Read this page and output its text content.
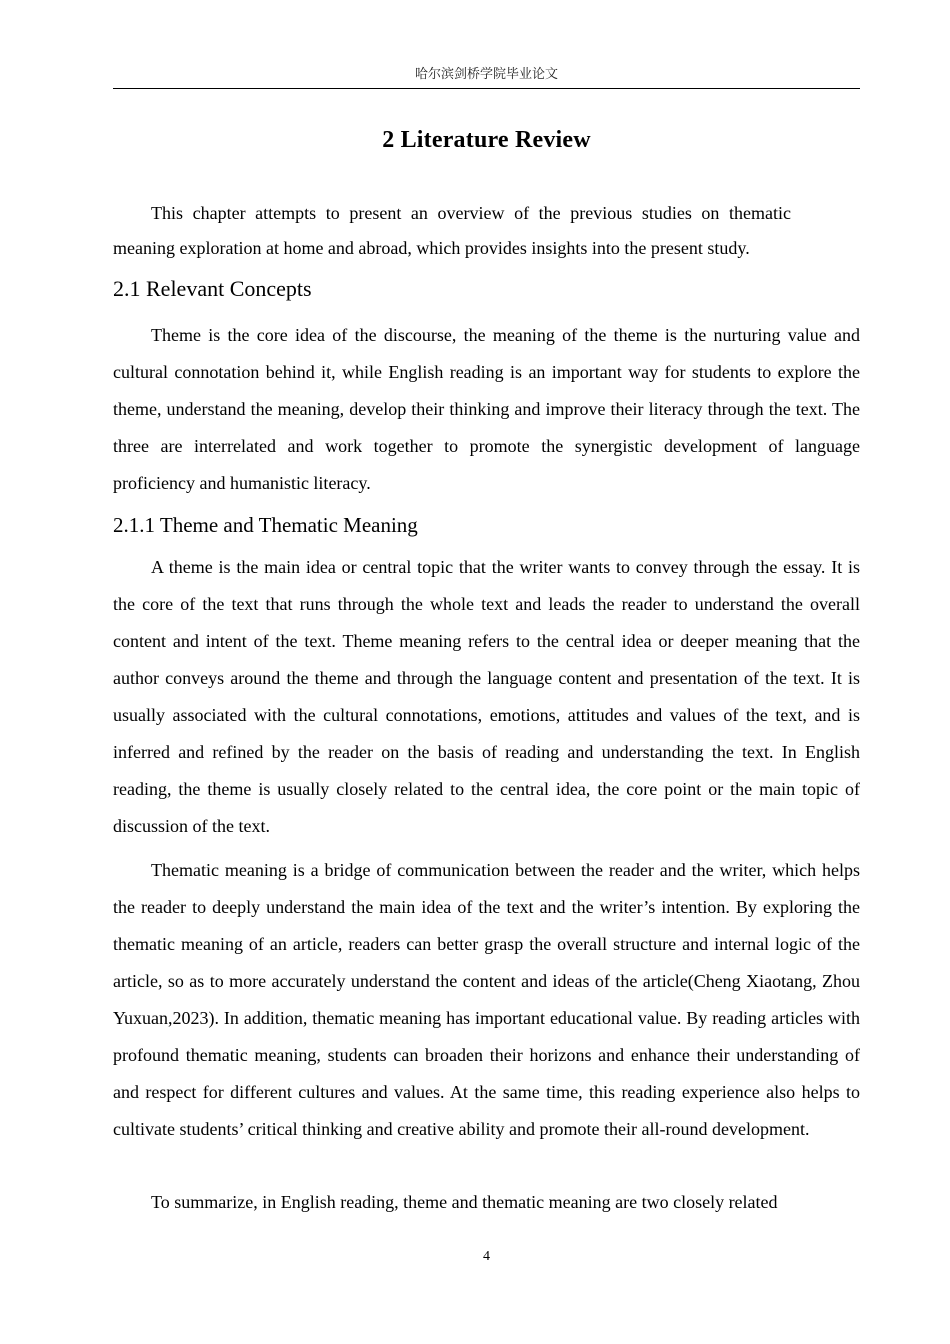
哈尔滨剑桥学院毕业论文
2 Literature Review

This chapter attempts to present an overview of the previous studies on thematic meaning exploration at home and abroad, which provides insights into the present study.

2.1 Relevant Concepts

Theme is the core idea of the discourse, the meaning of the theme is the nurturing value and cultural connotation behind it, while English reading is an important way for students to explore the theme, understand the meaning, develop their thinking and improve their literacy through the text. The three are interrelated and work together to promote the synergistic development of language proficiency and humanistic literacy.

2.1.1 Theme and Thematic Meaning

A theme is the main idea or central topic that the writer wants to convey through the essay. It is the core of the text that runs through the whole text and leads the reader to understand the overall content and intent of the text. Theme meaning refers to the central idea or deeper meaning that the author conveys around the theme and through the language content and presentation of the text. It is usually associated with the cultural connotations, emotions, attitudes and values of the text, and is inferred and refined by the reader on the basis of reading and understanding the text. In English reading, the theme is usually closely related to the central idea, the core point or the main topic of discussion of the text.

Thematic meaning is a bridge of communication between the reader and the writer, which helps the reader to deeply understand the main idea of the text and the writer’s intention. By exploring the thematic meaning of an article, readers can better grasp the overall structure and internal logic of the article, so as to more accurately understand the content and ideas of the article(Cheng Xiaotang, Zhou Yuxuan,2023). In addition, thematic meaning has important educational value. By reading articles with profound thematic meaning, students can broaden their horizons and enhance their understanding of and respect for different cultures and values. At the same time, this reading experience also helps to cultivate students’ critical thinking and creative ability and promote their all-round development.

To summarize, in English reading, theme and thematic meaning are two closely related

4
